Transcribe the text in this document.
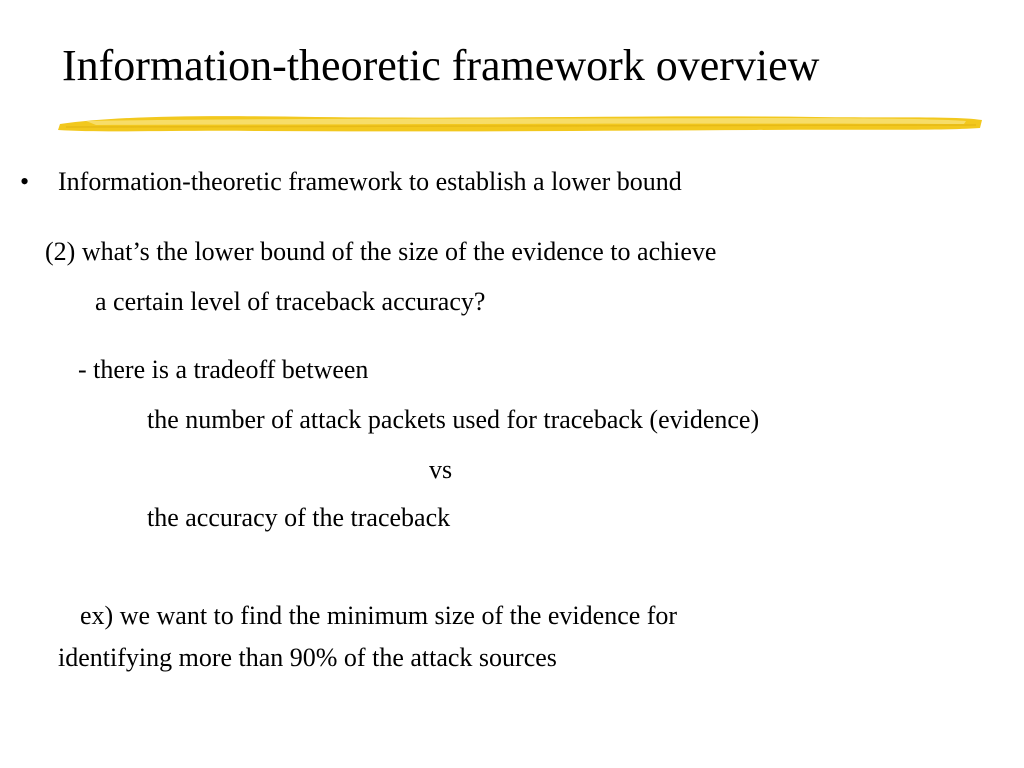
Information-theoretic framework overview
• Information-theoretic framework to establish a lower bound

(2) what’s the lower bound of the size of the evidence to achieve

a certain level of traceback accuracy?

- there is a tradeoff between

the number of attack packets used for traceback (evidence)

vs

the accuracy of the traceback

ex) we want to find the minimum size of the evidence for

identifying more than 90% of the attack sources
